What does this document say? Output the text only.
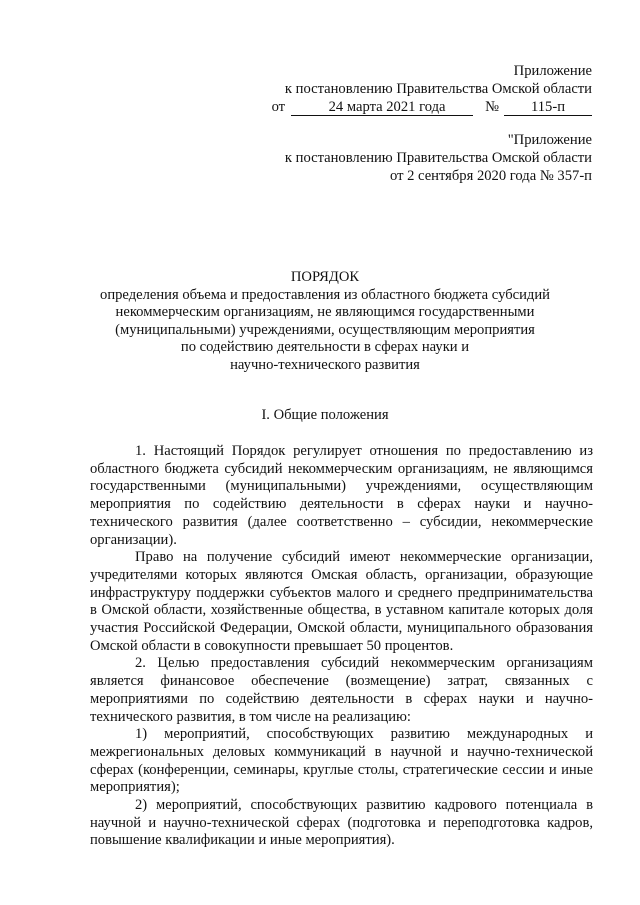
Приложение
к постановлению Правительства Омской области
от	24 марта 2021 года	№ 115-п
"Приложение
к постановлению Правительства Омской области
от 2 сентября 2020 года № 357-п
ПОРЯДОК
определения объема и предоставления из областного бюджета субсидий
некоммерческим организациям, не являющимся государственными
(муниципальными) учреждениями, осуществляющим мероприятия
по содействию деятельности в сферах науки и
научно-технического развития
I. Общие положения

1. Настоящий Порядок регулирует отношения по предоставлению из областного бюджета субсидий некоммерческим организациям, не являющимся государственными (муниципальными) учреждениями, осуществляющим мероприятия по содействию деятельности в сферах науки и научно-технического развития (далее соответственно – субсидии, некоммерческие организации).

Право на получение субсидий имеют некоммерческие организации, учредителями которых являются Омская область, организации, образующие инфраструктуру поддержки субъектов малого и среднего предпринимательства в Омской области, хозяйственные общества, в уставном капитале которых доля участия Российской Федерации, Омской области, муниципального образования Омской области в совокупности превышает 50 процентов.

2. Целью предоставления субсидий некоммерческим организациям является финансовое обеспечение (возмещение) затрат, связанных с мероприятиями по содействию деятельности в сферах науки и научно-технического развития, в том числе на реализацию:

1) мероприятий, способствующих развитию международных и межрегиональных деловых коммуникаций в научной и научно-технической сферах (конференции, семинары, круглые столы, стратегические сессии и иные мероприятия);

2) мероприятий, способствующих развитию кадрового потенциала в научной и научно-технической сферах (подготовка и переподготовка кадров, повышение квалификации и иные мероприятия).
